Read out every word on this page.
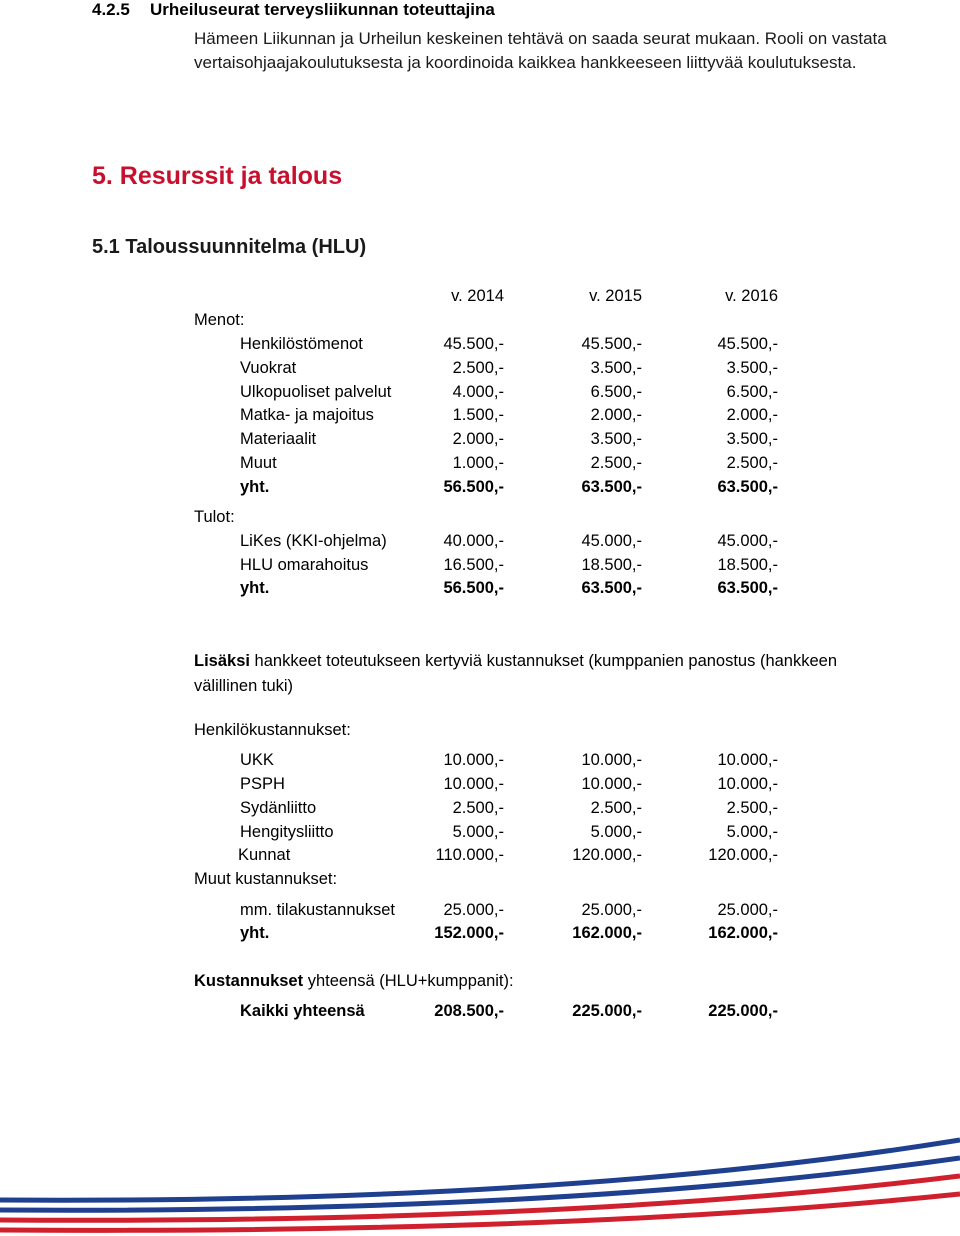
4.2.5 Urheiluseurat terveysliikunnan toteuttajina
Hämeen Liikunnan ja Urheilun keskeinen tehtävä on saada seurat mukaan. Rooli on vastata
vertaisohjaajakoulutuksesta ja koordinoida kaikkea hankkeeseen liittyvää koulutuksesta.
5. Resurssit ja talous
5.1 Taloussuunnitelma (HLU)
v. 2014	v. 2015	v. 2016
Menot:
Henkilöstömenot	45.500,-	45.500,-	45.500,-
Vuokrat	2.500,-	3.500,-	3.500,-
Ulkopuoliset palvelut	4.000,-	6.500,-	6.500,-
Matka- ja majoitus	1.500,-	2.000,-	2.000,-
Materiaalit	2.000,-	3.500,-	3.500,-
Muut	1.000,-	2.500,-	2.500,-
yht.	56.500,-	63.500,-	63.500,-
Tulot:
LiKes (KKI-ohjelma)	40.000,-	45.000,-	45.000,-
HLU omarahoitus	16.500,-	18.500,-	18.500,-
yht.	56.500,-	63.500,-	63.500,-
Lisäksi hankkeet toteutukseen kertyviä kustannukset (kumppanien panostus (hankkeen
välillinen tuki)
Henkilökustannukset:
UKK	10.000,-	10.000,-	10.000,-
PSPH	10.000,-	10.000,-	10.000,-
Sydänliitto	2.500,-	2.500,-	2.500,-
Hengitysliitto	5.000,-	5.000,-	5.000,-
Kunnat	110.000,-	120.000,-	120.000,-
Muut kustannukset:
mm. tilakustannukset	25.000,-	25.000,-	25.000,-
yht.	152.000,-	162.000,-	162.000,-
Kustannukset yhteensä (HLU+kumppanit):
Kaikki yhteensä	208.500,-	225.000,-	225.000,-
